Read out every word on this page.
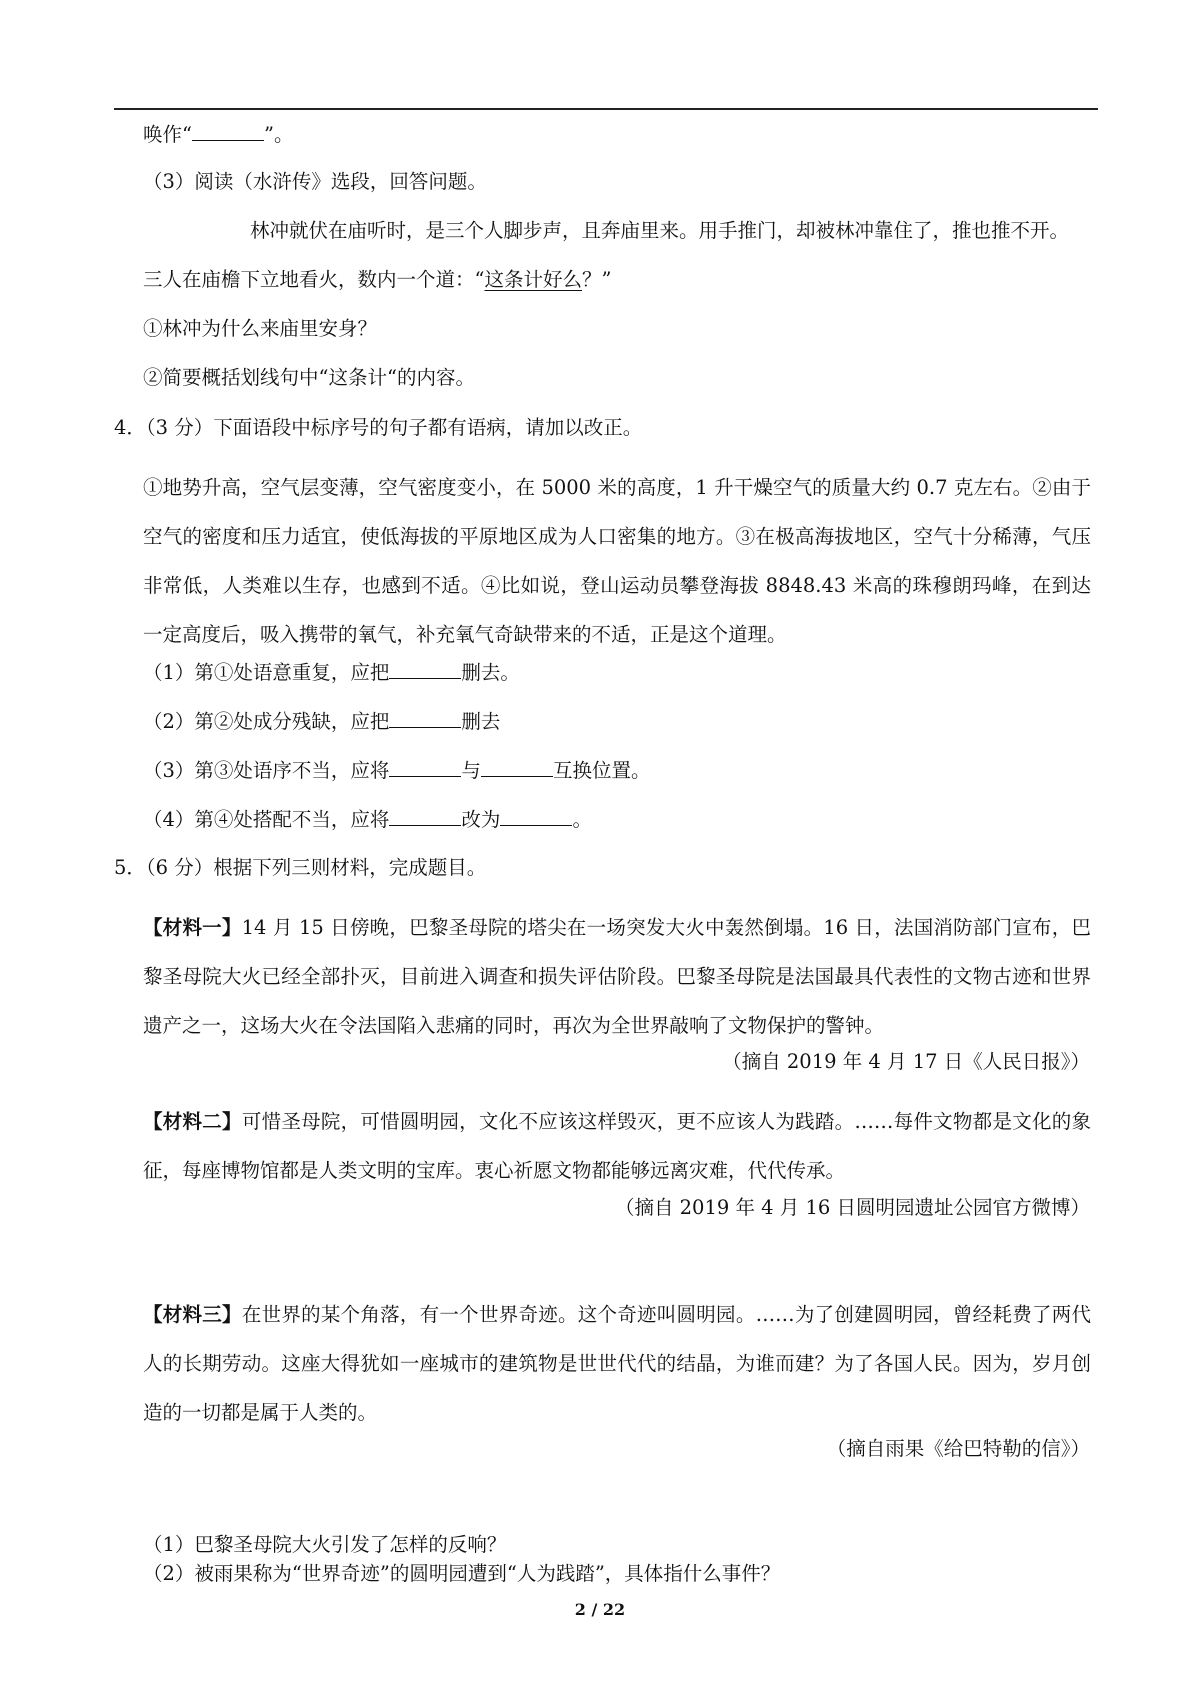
唤作“	”。
（3）阅读（水浒传》选段，回答问题。
林冲就伏在庙听时，是三个人脚步声，且奔庙里来。用手推门，却被林冲靠住了，推也推不开。
三人在庙檐下立地看火，数内一个道：“这条计好么？”
①林冲为什么来庙里安身？
②简要概括划线句中“这条计“的内容。
4．（3 分）下面语段中标序号的句子都有语病，请加以改正。
①地势升高，空气层变薄，空气密度变小，在 5000 米的高度，1 升干燥空气的质量大约 0.7 克左右。②由于空气的密度和压力适宜，使低海拔的平原地区成为人口密集的地方。③在极高海拔地区，空气十分稀薄，气压非常低，人类难以生存，也感到不适。④比如说，登山运动员攀登海拔 8848.43 米高的珠穆朗玛峰，在到达一定高度后，吸入携带的氧气，补充氧气奇缺带来的不适，正是这个道理。
（1）第①处语意重复，应把	删去。
（2）第②处成分残缺，应把	删去
（3）第③处语序不当，应将	与	互换位置。
（4）第④处搭配不当，应将	改为	。
5．（6 分）根据下列三则材料，完成题目。
【材料一】14 月 15 日傍晚，巴黎圣母院的塔尖在一场突发大火中轰然倒塌。16 日，法国消防部门宣布，巴黎圣母院大火已经全部扑灭，目前进入调查和损失评估阶段。巴黎圣母院是法国最具代表性的文物古迹和世界遗产之一，这场大火在令法国陷入悲痛的同时，再次为全世界敲响了文物保护的警钟。
（摘自 2019 年 4 月 17 日《人民日报》）
【材料二】可惜圣母院，可惜圆明园，文化不应该这样毁灭，更不应该人为践踏。……每件文物都是文化的象征，每座博物馆都是人类文明的宝库。衷心祈愿文物都能够远离灾难，代代传承。
（摘自 2019 年 4 月 16 日圆明园遗址公园官方微博）
【材料三】在世界的某个角落，有一个世界奇迹。这个奇迹叫圆明园。……为了创建圆明园，曾经耗费了两代人的长期劳动。这座大得犹如一座城市的建筑物是世世代代的结晶，为谁而建？为了各国人民。因为，岁月创造的一切都是属于人类的。
（摘自雨果《给巴特勒的信》）
（1）巴黎圣母院大火引发了怎样的反响？
（2）被雨果称为“世界奇迹”的圆明园遭到“人为践踏”，具体指什么事件？
2 / 22
